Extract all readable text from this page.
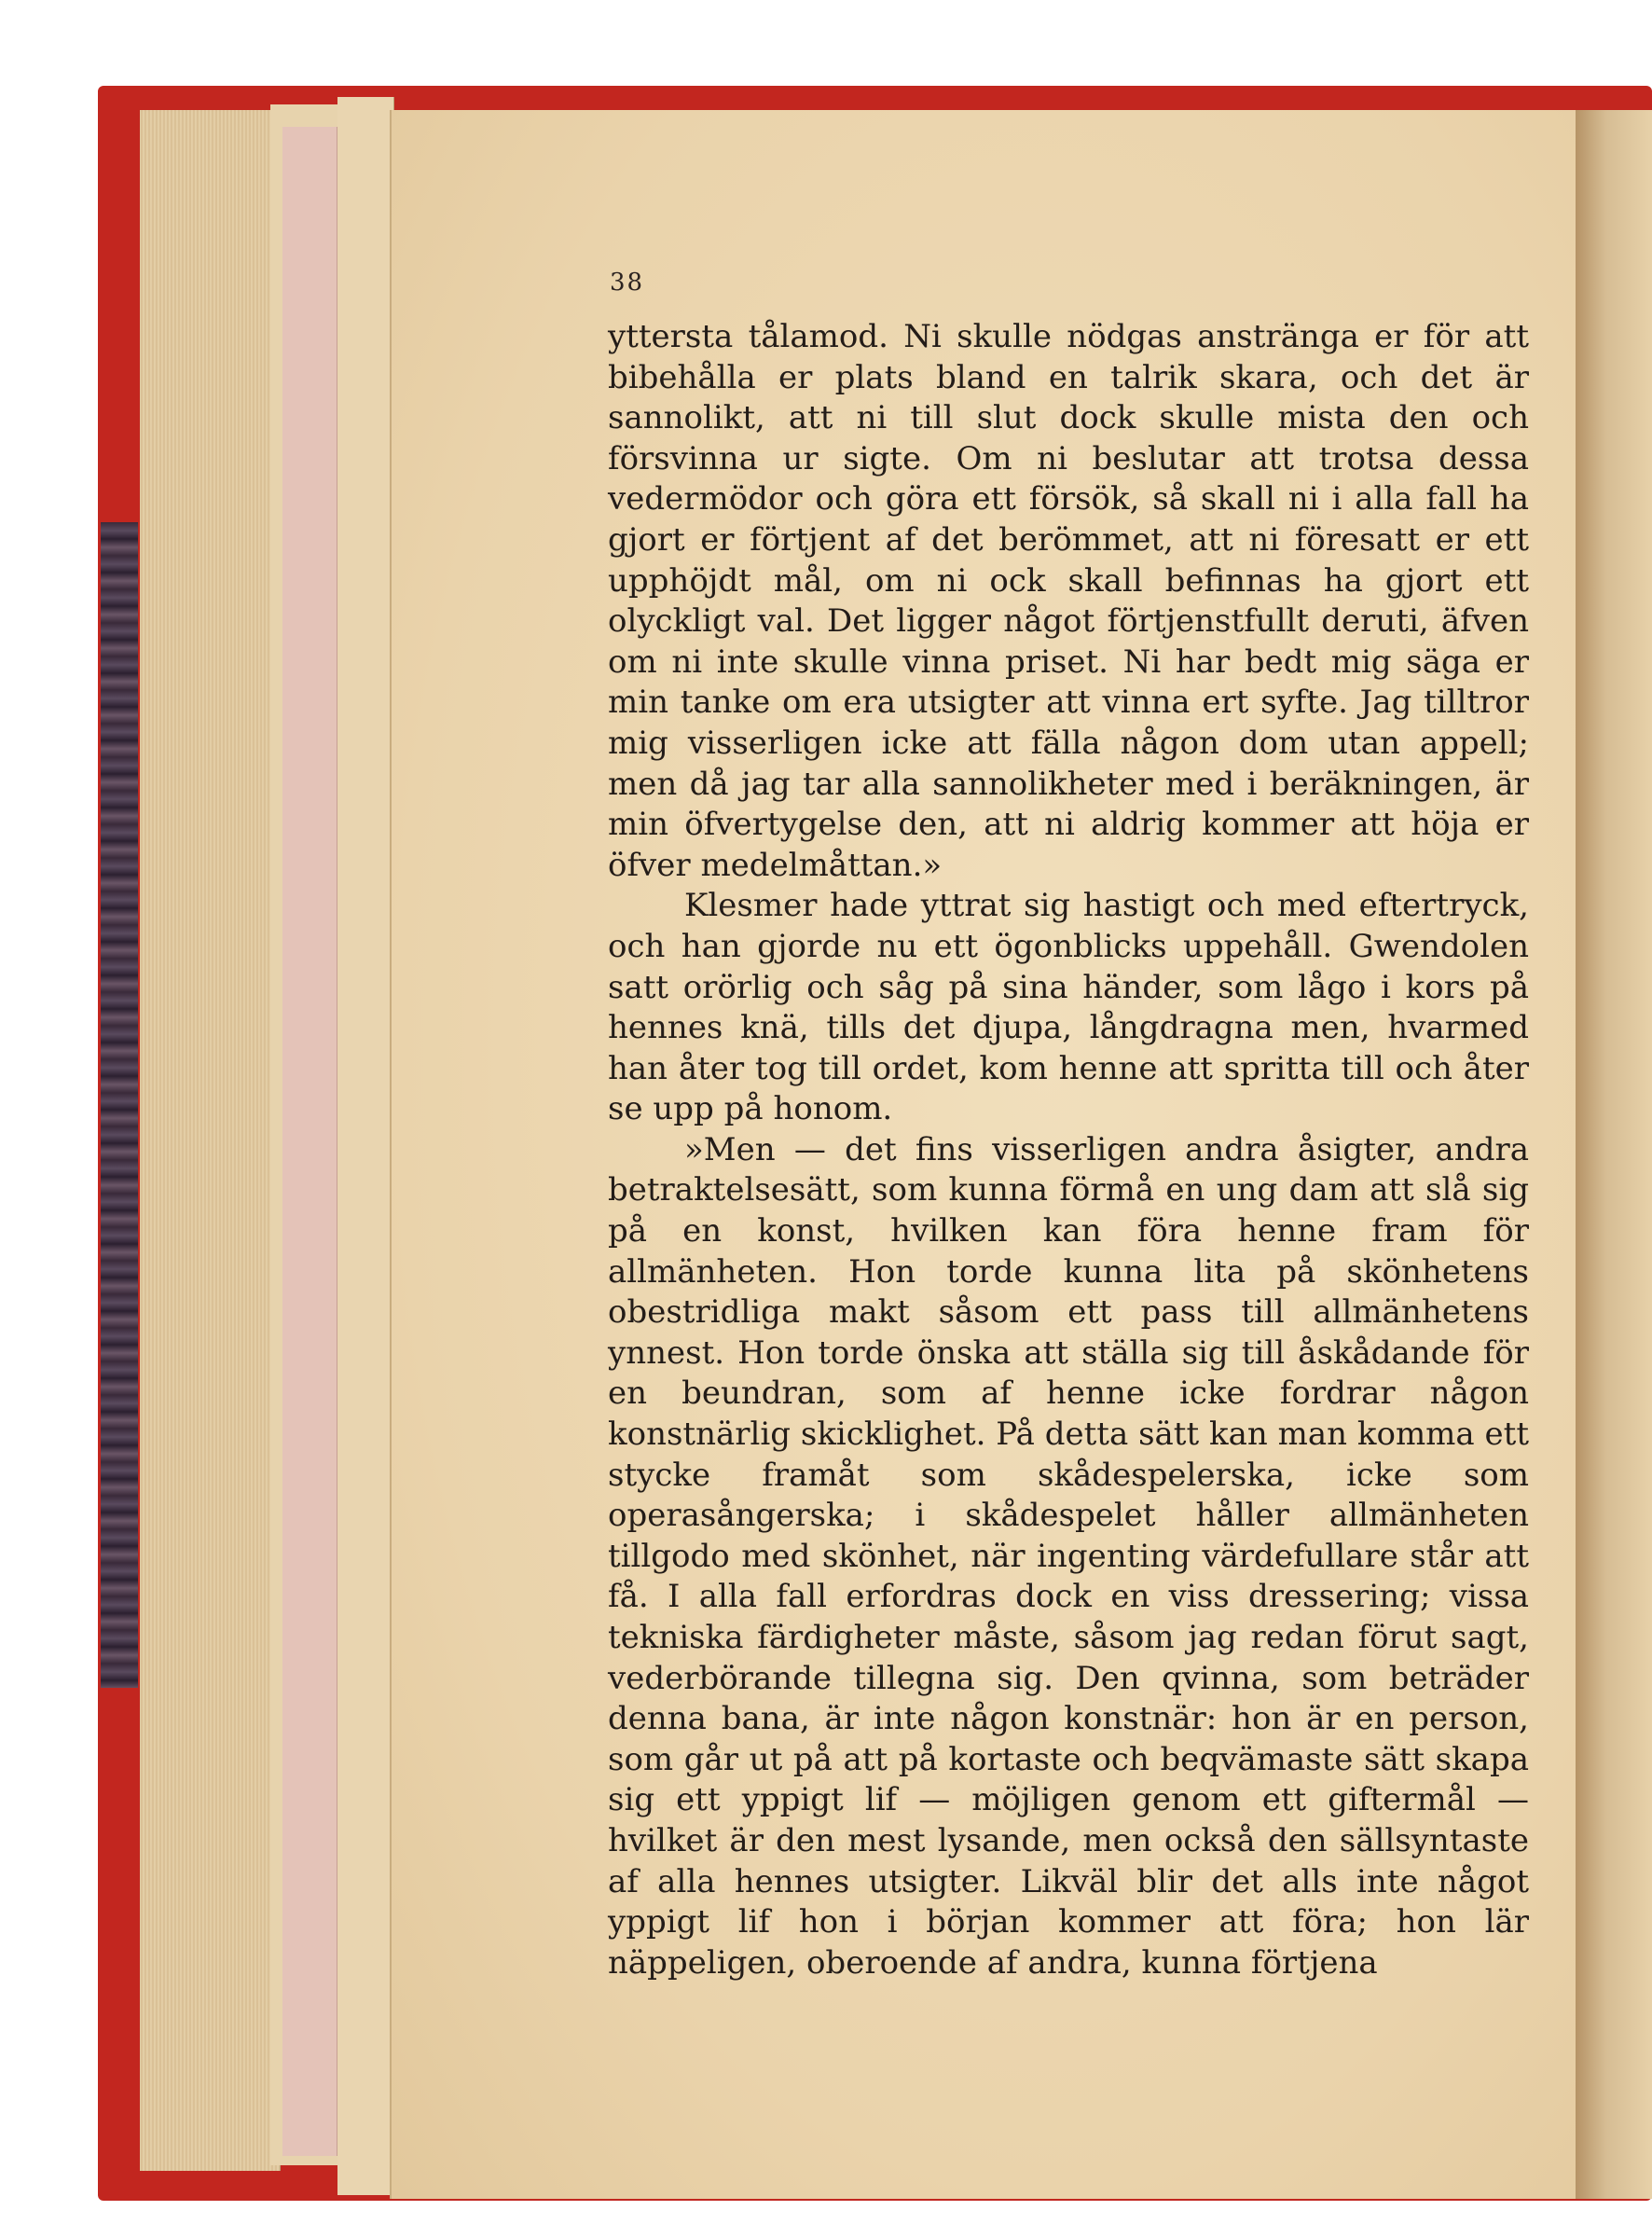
38

yttersta tålamod. Ni skulle nödgas anstränga er för att bibehålla er plats bland en talrik skara, och det är sannolikt, att ni till slut dock skulle mista den och försvinna ur sigte. Om ni beslutar att trotsa dessa vedermödor och göra ett försök, så skall ni i alla fall ha gjort er förtjent af det berömmet, att ni föresatt er ett upphöjdt mål, om ni ock skall befinnas ha gjort ett olyckligt val. Det ligger något förtjenstfullt deruti, äfven om ni inte skulle vinna priset. Ni har bedt mig säga er min tanke om era utsigter att vinna ert syfte. Jag tilltror mig visserligen icke att fälla någon dom utan appell; men då jag tar alla sannolikheter med i beräkningen, är min öfvertygelse den, att ni aldrig kommer att höja er öfver medelmåttan.»

Klesmer hade yttrat sig hastigt och med eftertryck, och han gjorde nu ett ögonblicks uppehåll. Gwendolen satt orörlig och såg på sina händer, som lågo i kors på hennes knä, tills det djupa, långdragna men, hvarmed han åter tog till ordet, kom henne att spritta till och åter se upp på honom.

»Men — det fins visserligen andra åsigter, andra betraktelsesätt, som kunna förmå en ung dam att slå sig på en konst, hvilken kan föra henne fram för allmänheten. Hon torde kunna lita på skönhetens obestridliga makt såsom ett pass till allmänhetens ynnest. Hon torde önska att ställa sig till åskådande för en beundran, som af henne icke fordrar någon konstnärlig skicklighet. På detta sätt kan man komma ett stycke framåt som skådespelerska, icke som operasångerska; i skådespelet håller allmänheten tillgodo med skönhet, när ingenting värdefullare står att få. I alla fall erfordras dock en viss dressering; vissa tekniska färdigheter måste, såsom jag redan förut sagt, vederbörande tillegna sig. Den qvinna, som beträder denna bana, är inte någon konstnär: hon är en person, som går ut på att på kortaste och beqvämaste sätt skapa sig ett yppigt lif — möjligen genom ett giftermål — hvilket är den mest lysande, men också den sällsyntaste af alla hennes utsigter. Likväl blir det alls inte något yppigt lif hon i början kommer att föra; hon lär näppeligen, oberoende af andra, kunna förtjena
